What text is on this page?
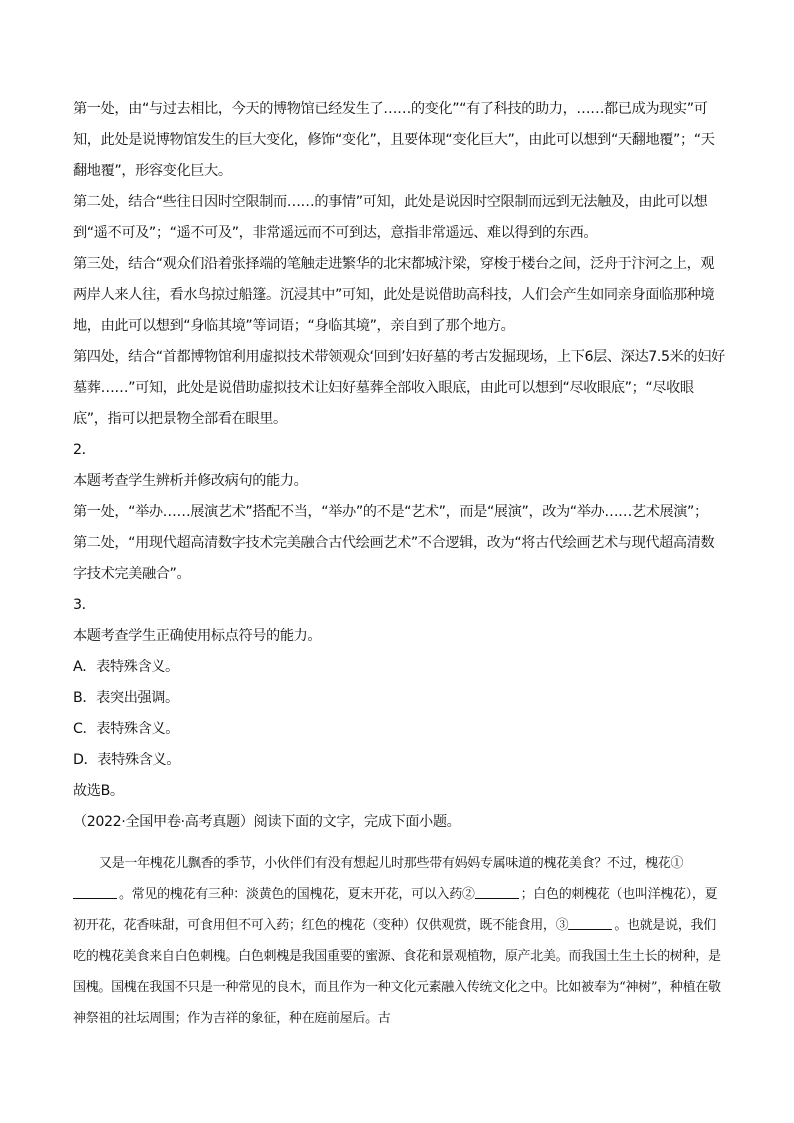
第一处，由“与过去相比，今天的博物馆已经发生了……的变化”“有了科技的助力，……都已成为现实”可知，此处是说博物馆发生的巨大变化，修饰“变化”，且要体现“变化巨大”，由此可以想到“天翻地覆”；“天翻地覆”，形容变化巨大。

第二处，结合“些往日因时空限制而……的事情”可知，此处是说因时空限制而远到无法触及，由此可以想到“遥不可及”；“遥不可及”，非常遥远而不可到达，意指非常遥远、难以得到的东西。

第三处，结合“观众们沿着张择端的笔触走进繁华的北宋都城汴梁，穿梭于楼台之间，泛舟于汴河之上，观两岸人来人往，看水鸟掠过船篷。沉浸其中”可知，此处是说借助高科技，人们会产生如同亲身面临那种境地，由此可以想到“身临其境”等词语；“身临其境”，亲自到了那个地方。

第四处，结合“首都博物馆利用虚拟技术带领观众‘回到’妇好墓的考古发掘现场，上下6层、深达7.5米的妇好墓葬……”可知，此处是说借助虚拟技术让妇好墓葬全部收入眼底，由此可以想到“尽收眼底”；“尽收眼底”，指可以把景物全部看在眼里。

2．

本题考查学生辨析并修改病句的能力。

第一处，“举办……展演艺术”搭配不当，“举办”的不是“艺术”，而是“展演”，改为“举办……艺术展演”；

第二处，“用现代超高清数字技术完美融合古代绘画艺术”不合逻辑，改为“将古代绘画艺术与现代超高清数字技术完美融合”。

3．

本题考查学生正确使用标点符号的能力。

A．表特殊含义。

B．表突出强调。

C．表特殊含义。

D．表特殊含义。

故选B。

（2022·全国甲卷·高考真题）阅读下面的文字，完成下面小题。

又是一年槐花儿飘香的季节，小伙伴们有没有想起儿时那些带有妈妈专属味道的槐花美食？不过，槐花①。常见的槐花有三种：淡黄色的国槐花，夏末开花，可以入药②	；白色的刺槐花（也叫洋槐花），夏初开花，花香味甜，可食用但不可入药；红色的槐花（变种）仅供观赏，既不能食用，③	。也就是说，我们吃的槐花美食来自白色刺槐。白色刺槐是我国重要的蜜源、食花和景观植物，原产北美。而我国土生土长的树种，是国槐。国槐在我国不只是一种常见的良木，而且作为一种文化元素融入传统文化之中。比如被奉为“神树”，种植在敬神祭祖的社坛周围；作为吉祥的象征，种在庭前屋后。古
